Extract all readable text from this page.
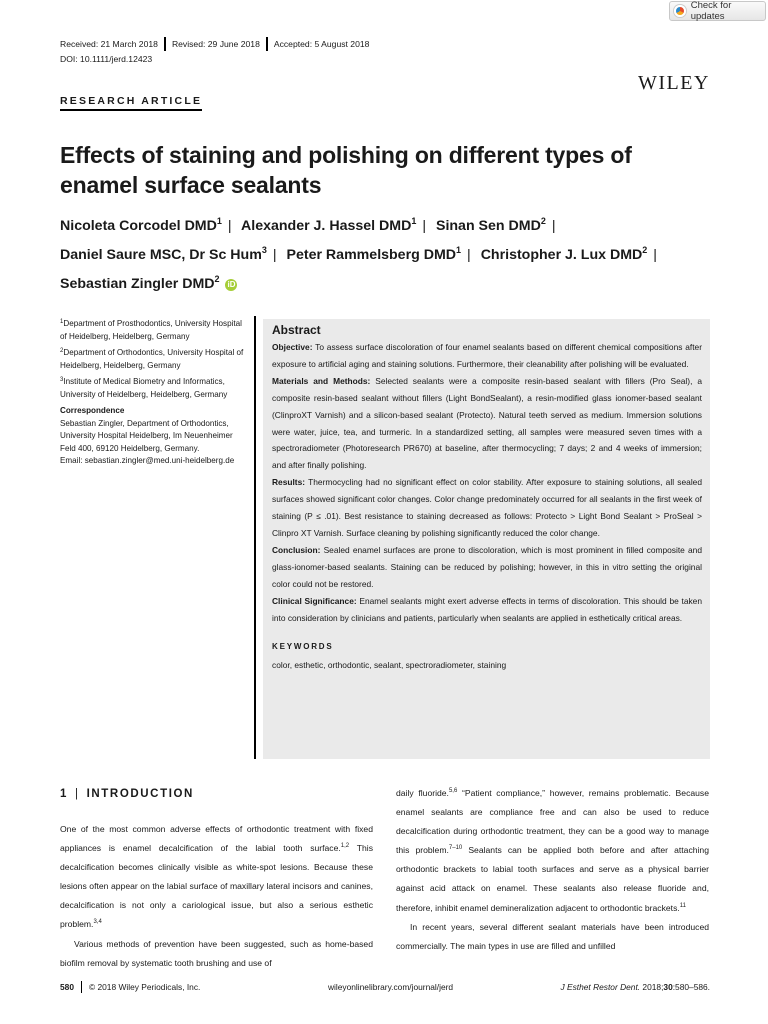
Check for updates
Received: 21 March 2018 Revised: 29 June 2018 Accepted: 5 August 2018
DOI: 10.1111/jerd.12423
WILEY
RESEARCH ARTICLE
Effects of staining and polishing on different types of enamel surface sealants
Nicoleta Corcodel DMD$^1$ | Alexander J. Hassel DMD$^1$ | Sinan Sen DMD$^2$ |
Daniel Saure MSC, Dr Sc Hum$^3$ | Peter Rammelsberg DMD$^1$ | Christopher J. Lux DMD$^2$ |
Sebastian Zingler DMD$^2$ iD

$^1$Department of Prosthodontics, University Hospital of Heidelberg, Heidelberg, Germany

$^2$Department of Orthodontics, University Hospital of Heidelberg, Heidelberg, Germany

$^3$Institute of Medical Biometry and Informatics, University of Heidelberg, Heidelberg, Germany

Correspondence
Sebastian Zingler, Department of Orthodontics, University Hospital Heidelberg, Im Neuenheimer Feld 400, 69120 Heidelberg, Germany.
Email: sebastian.zingler@med.uni-heidelberg.de
Abstract

Objective: To assess surface discoloration of four enamel sealants based on different chemical compositions after exposure to artificial aging and staining solutions. Furthermore, their cleanability after polishing will be evaluated.

Materials and Methods: Selected sealants were a composite resin-based sealant with fillers (Pro Seal), a composite resin-based sealant without fillers (Light BondSealant), a resin-modified glass ionomer-based sealant (ClinproXT Varnish) and a silicon-based sealant (Protecto). Natural teeth served as medium. Immersion solutions were water, juice, tea, and turmeric. In a standardized setting, all samples were measured seven times with a spectroradiometer (Photoresearch PR670) at baseline, after thermocycling; 7 days; 2 and 4 weeks of immersion; and after finally polishing.

Results: Thermocycling had no significant effect on color stability. After exposure to staining solutions, all sealed surfaces showed significant color changes. Color change predominately occurred for all sealants in the first week of staining (P ≤ .01). Best resistance to staining decreased as follows: Protecto > Light Bond Sealant > ProSeal > Clinpro XT Varnish. Surface cleaning by polishing significantly reduced the color change.

Conclusion: Sealed enamel surfaces are prone to discoloration, which is most prominent in filled composite and glass-ionomer-based sealants. Staining can be reduced by polishing; however, in this in vitro setting the original color could not be restored.

Clinical Significance: Enamel sealants might exert adverse effects in terms of discoloration. This should be taken into consideration by clinicians and patients, particularly when sealants are applied in esthetically critical areas.

KEYWORDS
color, esthetic, orthodontic, sealant, spectroradiometer, staining
1 | INTRODUCTION

One of the most common adverse effects of orthodontic treatment with fixed appliances is enamel decalcification of the labial tooth surface.$^{1,2}$ This decalcification becomes clinically visible as white-spot lesions. Because these lesions often appear on the labial surface of maxillary lateral incisors and canines, decalcification is not only a cariological issue, but also a serious esthetic problem.$^{3,4}$

Various methods of prevention have been suggested, such as home-based biofilm removal by systematic tooth brushing and use of

daily fluoride.$^{5,6}$ “Patient compliance,” however, remains problematic. Because enamel sealants are compliance free and can also be used to reduce decalcification during orthodontic treatment, they can be a good way to manage this problem.$^{7-10}$ Sealants can be applied both before and after attaching orthodontic brackets to labial tooth surfaces and serve as a physical barrier against acid attack on enamel. These sealants also release fluoride and, therefore, inhibit enamel demineralization adjacent to orthodontic brackets.$^{11}$

In recent years, several different sealant materials have been introduced commercially. The main types in use are filled and unfilled

580 © 2018 Wiley Periodicals, Inc.	wileyonlinelibrary.com/journal/jerd	J Esthet Restor Dent. 2018;30:580–586.
